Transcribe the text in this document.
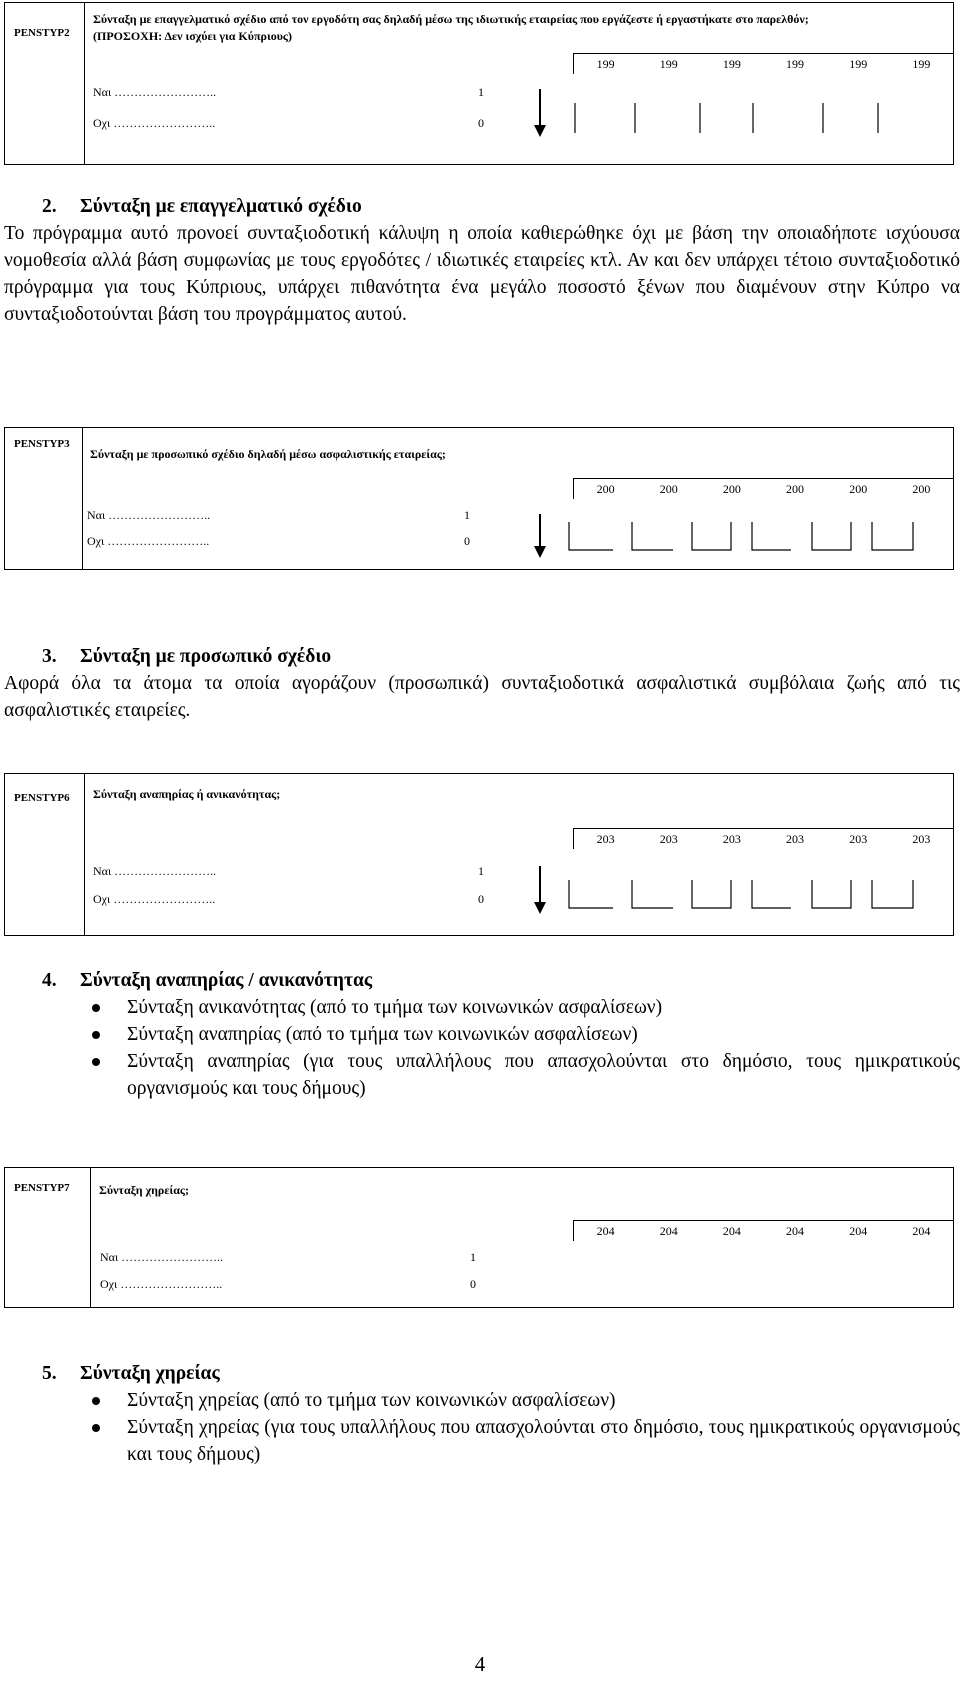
PENSTYP2
Σύνταξη με επαγγελματικό σχέδιο από τον εργοδότη σας δηλαδή μέσω της ιδιωτικής εταιρείας που εργάζεστε ή εργαστήκατε στο παρελθόν; (ΠΡΟΣΟΧΗ: Δεν ισχύει για Κύπριους)
199	199	199	199	199	199
Ναι ……………………..	1
Οχι ……………………..	0
2. Σύνταξη με επαγγελματικό σχέδιο

Το πρόγραμμα αυτό προνοεί συνταξιοδοτική κάλυψη η οποία καθιερώθηκε όχι με βάση την οποιαδήποτε ισχύουσα νομοθεσία αλλά βάση συμφωνίας με τους εργοδότες / ιδιωτικές εταιρείες κτλ. Αν και δεν υπάρχει τέτοιο συνταξιοδοτικό πρόγραμμα για τους Κύπριους, υπάρχει πιθανότητα ένα μεγάλο ποσοστό ξένων που διαμένουν στην Κύπρο να συνταξιοδοτούνται βάση του προγράμματος αυτού.

PENSTYP3
Σύνταξη με προσωπικό σχέδιο δηλαδή μέσω ασφαλιστικής εταιρείας;
200	200	200	200	200	200
Ναι ……………………..	1
Οχι ……………………..	0
3. Σύνταξη με προσωπικό σχέδιο

Αφορά όλα τα άτομα τα οποία αγοράζουν (προσωπικά) συνταξιοδοτικά ασφαλιστικά συμβόλαια ζωής από τις ασφαλιστικές εταιρείες.

PENSTYP6	Σύνταξη αναπηρίας ή ανικανότητας;
203	203	203	203	203	203
Ναι ……………………..	1
Οχι ……………………..	0
4. Σύνταξη αναπηρίας / ανικανότητας
Σύνταξη ανικανότητας (από το τμήμα των κοινωνικών ασφαλίσεων)
Σύνταξη αναπηρίας (από το τμήμα των κοινωνικών ασφαλίσεων)
Σύνταξη αναπηρίας (για τους υπαλλήλους που απασχολούνται στο δημόσιο, τους ημικρατικούς οργανισμούς και τους δήμους)
PENSTYP7	Σύνταξη χηρείας;
204	204	204	204	204	204
Ναι ……………………..	1
Οχι ……………………..	0
5. Σύνταξη χηρείας
Σύνταξη χηρείας (από το τμήμα των κοινωνικών ασφαλίσεων)
Σύνταξη χηρείας (για τους υπαλλήλους που απασχολούνται στο δημόσιο, τους ημικρατικούς οργανισμούς και τους δήμους)
4
